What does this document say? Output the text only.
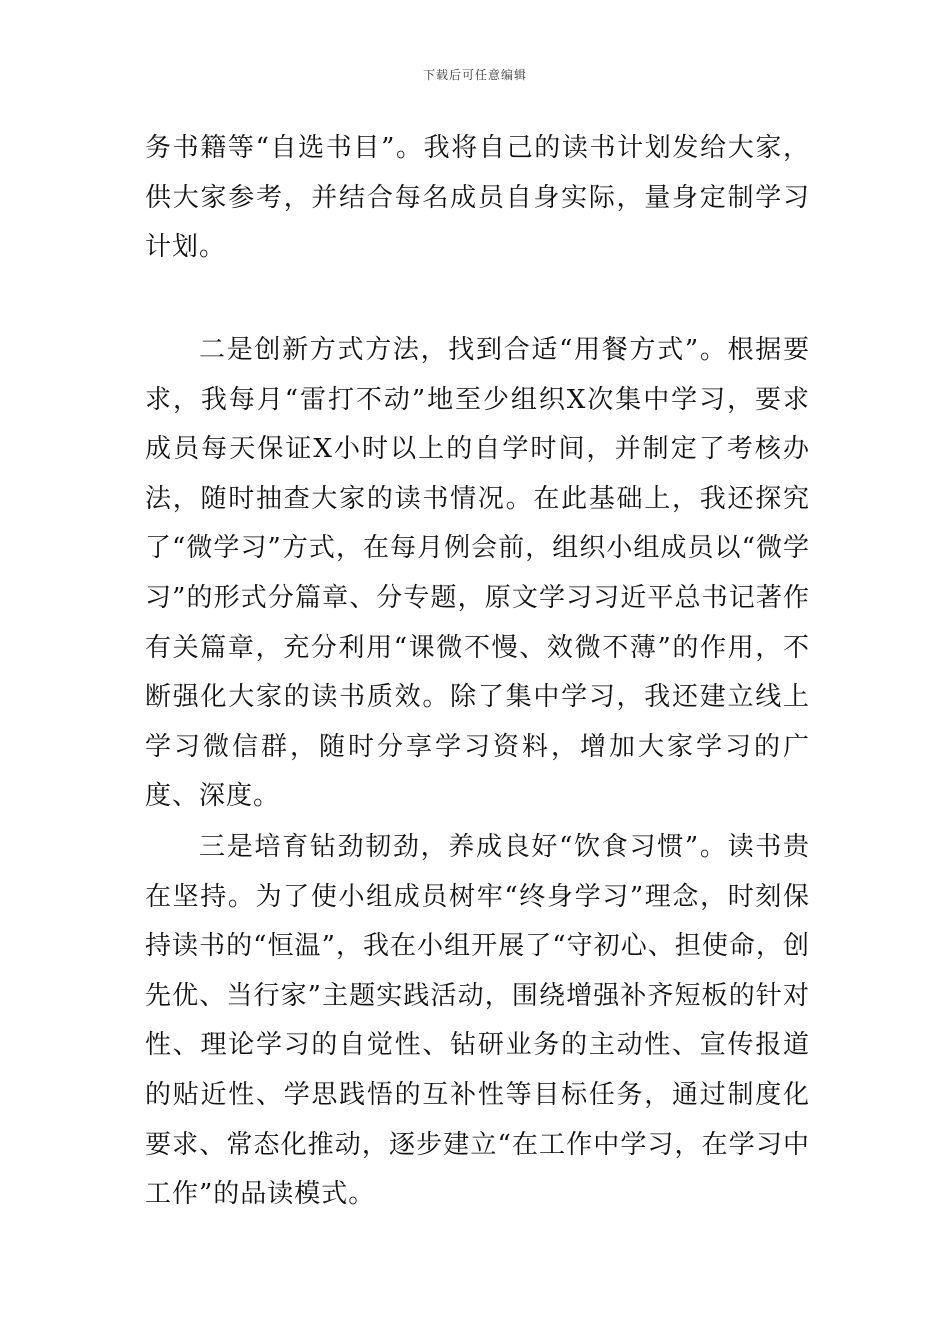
下载后可任意编辑

务书籍等“自选书目”。我将自己的读书计划发给大家，供大家参考，并结合每名成员自身实际，量身定制学习计划。

二是创新方式方法，找到合适“用餐方式”。根据要求，我每月“雷打不动”地至少组织X次集中学习，要求成员每天保证X小时以上的自学时间，并制定了考核办法，随时抽查大家的读书情况。在此基础上，我还探究了“微学习”方式，在每月例会前，组织小组成员以“微学习”的形式分篇章、分专题，原文学习习近平总书记著作有关篇章，充分利用“课微不慢、效微不薄”的作用，不断强化大家的读书质效。除了集中学习，我还建立线上学习微信群，随时分享学习资料，增加大家学习的广度、深度。

三是培育钻劲韧劲，养成良好“饮食习惯”。读书贵在坚持。为了使小组成员树牢“终身学习”理念，时刻保持读书的“恒温”，我在小组开展了“守初心、担使命，创先优、当行家”主题实践活动，围绕增强补齐短板的针对性、理论学习的自觉性、钻研业务的主动性、宣传报道的贴近性、学思践悟的互补性等目标任务，通过制度化要求、常态化推动，逐步建立“在工作中学习，在学习中工作”的品读模式。
